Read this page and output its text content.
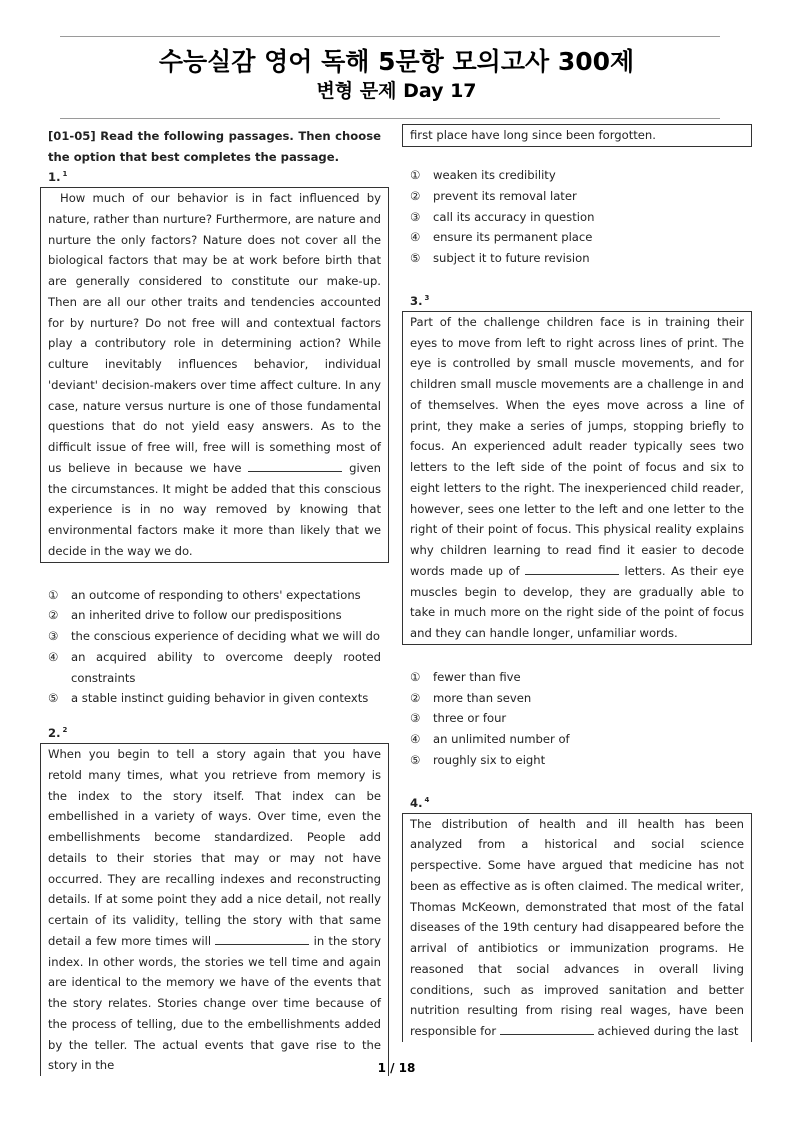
수능실감 영어 독해 5문항 모의고사 300제
변형 문제 Day 17
[01-05] Read the following passages. Then choose the option that best completes the passage.
1. $^1$

How much of our behavior is in fact influenced by nature, rather than nurture? Furthermore, are nature and nurture the only factors? Nature does not cover all the biological factors that may be at work before birth that are generally considered to constitute our make-up. Then are all our other traits and tendencies accounted for by nurture? Do not free will and contextual factors play a contributory role in determining action? While culture inevitably influences behavior, individual 'deviant' decision-makers over time affect culture. In any case, nature versus nurture is one of those fundamental questions that do not yield easy answers. As to the difficult issue of free will, free will is something most of us believe in because we have	given the circumstances. It might be added that this conscious experience is in no way removed by knowing that environmental factors make it more than likely that we decide in the way we do.

①	an outcome of responding to others' expectations
②	an inherited drive to follow our predispositions
③	the conscious experience of deciding what we will do
④	an acquired ability to overcome deeply rooted constraints
⑤	a stable instinct guiding behavior in given contexts
2. $^2$

When you begin to tell a story again that you have retold many times, what you retrieve from memory is the index to the story itself. That index can be embellished in a variety of ways. Over time, even the embellishments become standardized. People add details to their stories that may or may not have occurred. They are recalling indexes and reconstructing details. If at some point they add a nice detail, not really certain of its validity, telling the story with that same detail a few more times will	in the story index. In other words, the stories we tell time and again are identical to the memory we have of the events that the story relates. Stories change over time because of the process of telling, due to the embellishments added by the teller. The actual events that gave rise to the story in the

first place have long since been forgotten.

①	weaken its credibility
②	prevent its removal later
③	call its accuracy in question
④	ensure its permanent place
⑤	subject it to future revision
3. $^3$

Part of the challenge children face is in training their eyes to move from left to right across lines of print. The eye is controlled by small muscle movements, and for children small muscle movements are a challenge in and of themselves. When the eyes move across a line of print, they make a series of jumps, stopping briefly to focus. An experienced adult reader typically sees two letters to the left side of the point of focus and six to eight letters to the right. The inexperienced child reader, however, sees one letter to the left and one letter to the right of their point of focus. This physical reality explains why children learning to read find it easier to decode words made up of	letters. As their eye muscles begin to develop, they are gradually able to take in much more on the right side of the point of focus and they can handle longer, unfamiliar words.

①	fewer than five
②	more than seven
③	three or four
④	an unlimited number of
⑤	roughly six to eight
4. $^4$

The distribution of health and ill health has been analyzed from a historical and social science perspective. Some have argued that medicine has not been as effective as is often claimed. The medical writer, Thomas McKeown, demonstrated that most of the fatal diseases of the 19th century had disappeared before the arrival of antibiotics or immunization programs. He reasoned that social advances in overall living conditions, such as improved sanitation and better nutrition resulting from rising real wages, have been responsible for	achieved during the last

1 / 18
